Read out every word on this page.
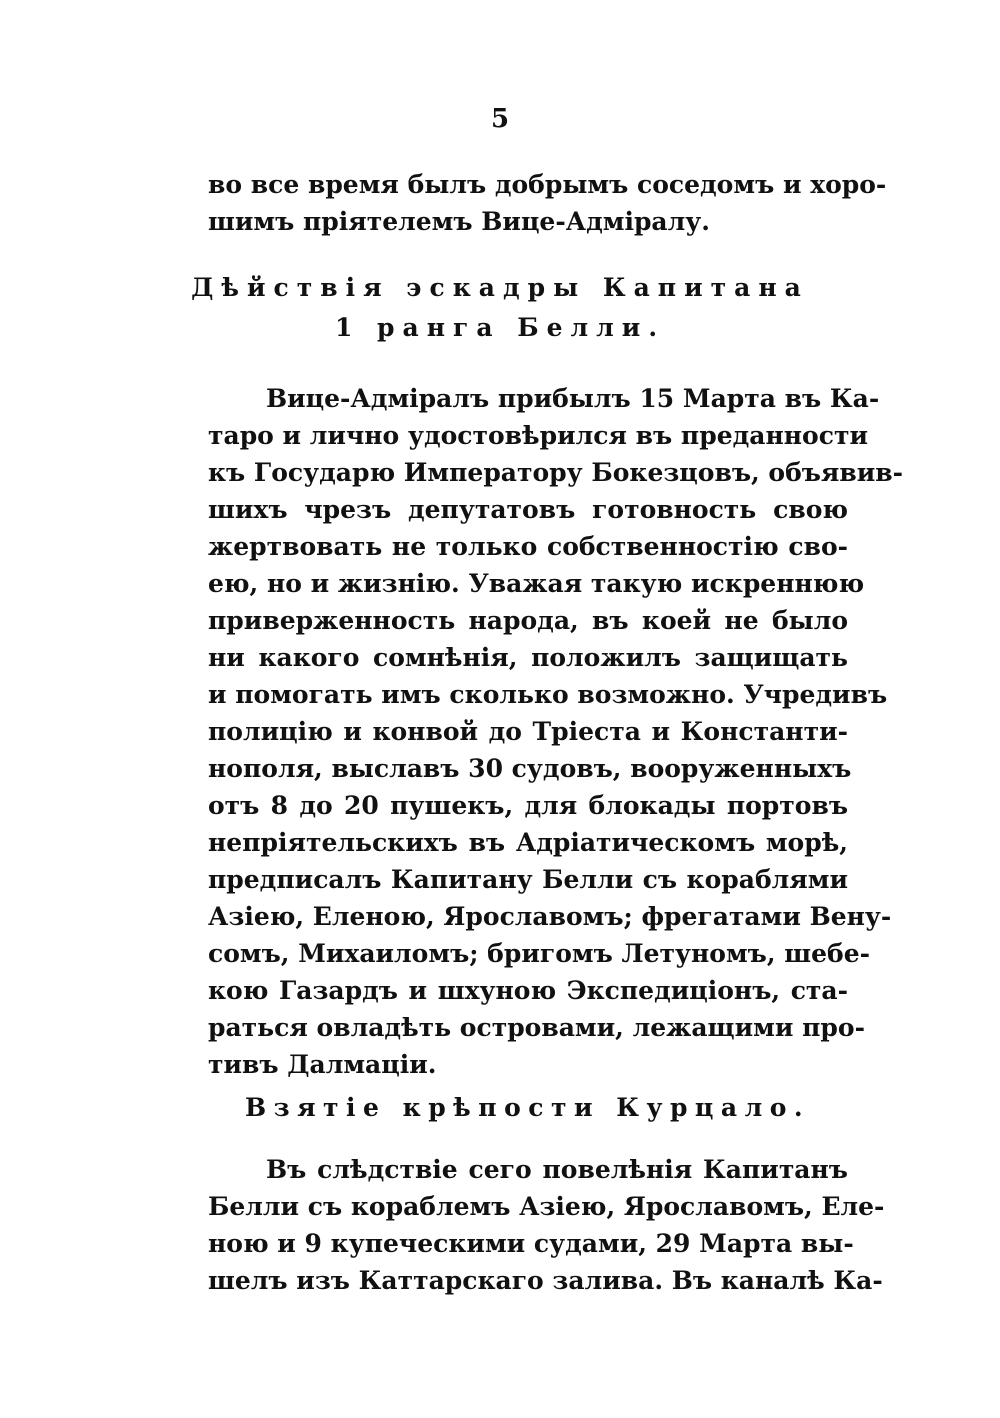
5
во все время былъ добрымъ соседомъ и хоро-
шимъ пріятелемъ Вице-Адміралу.
Дѣйствія эскадры Капитана
1 ранга Белли.
Вице-Адміралъ прибылъ 15 Марта въ Ка-
таро и лично удостовѣрился въ преданности
къ Государю Императору Бокезцовъ, объявив-
шихъ чрезъ депутатовъ готовность свою
жертвовать не только собственностію сво-
ею, но и жизнію. Уважая такую искреннюю
приверженность народа, въ коей не было
ни какого сомнѣнія, положилъ защищать
и помогать имъ сколько возможно. Учредивъ
полицію и конвой до Тріеста и Константи-
нополя, выславъ 30 судовъ, вооруженныхъ
отъ 8 до 20 пушекъ, для блокады портовъ
непріятельскихъ въ Адріатическомъ морѣ,
предписалъ Капитану Белли съ кораблями
Азіею, Еленою, Ярославомъ; фрегатами Вену-
сомъ, Михаиломъ; бригомъ Летуномъ, шебе-
кою Газардъ и шхуною Экспедиціонъ, ста-
раться овладѣть островами, лежащими про-
тивъ Далмаціи.
Взятіе крѣпости Курцало.
Въ слѣдствіе сего повелѣнія Капитанъ
Белли съ кораблемъ Азіею, Ярославомъ, Еле-
ною и 9 купеческими судами, 29 Марта вы-
шелъ изъ Каттарскаго залива. Въ каналѣ Ка-
